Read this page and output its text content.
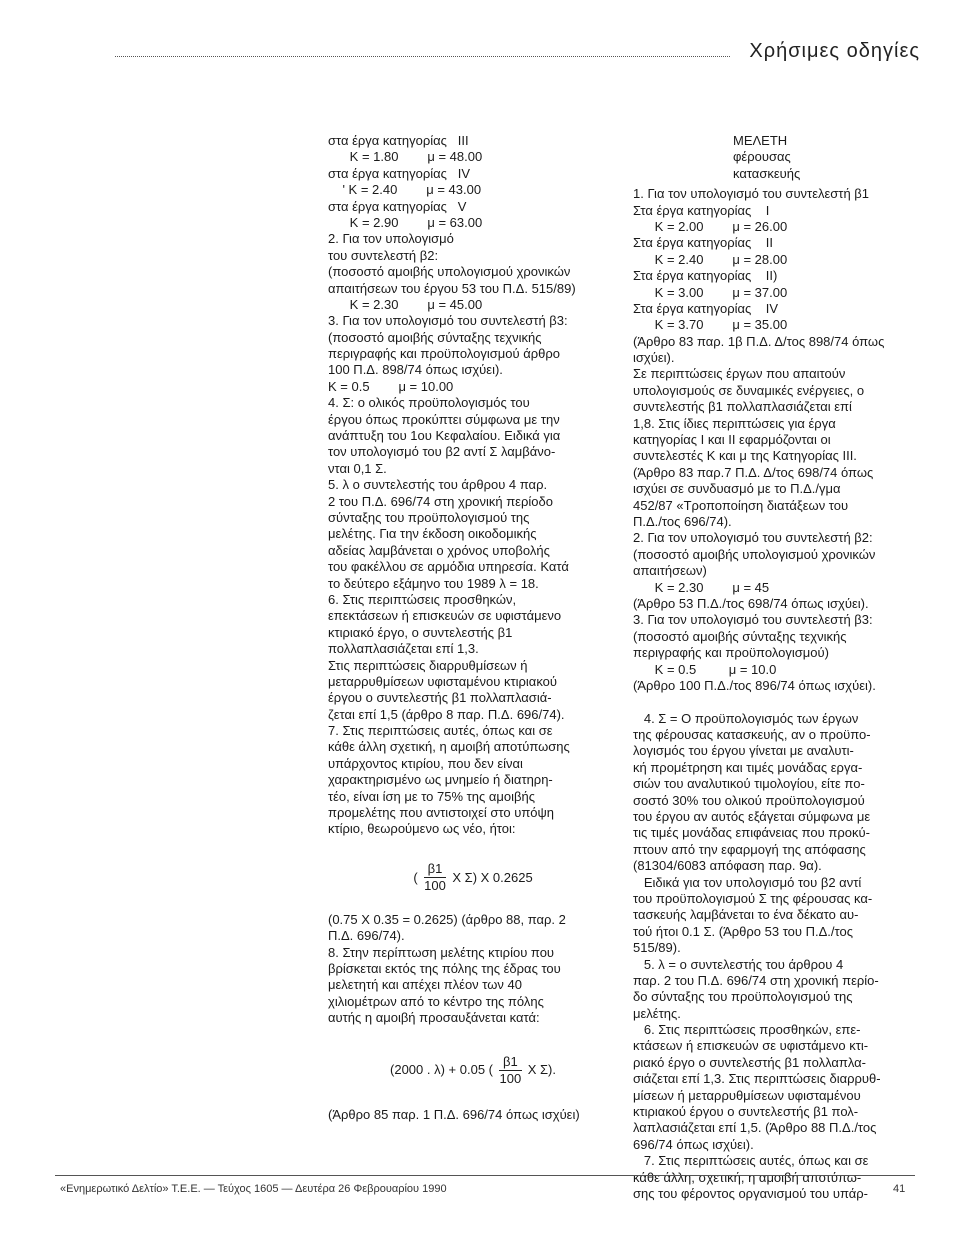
Χρήσιμες οδηγίες
στα έργα κατηγορίας   ΙΙΙ
Κ = 1.80        μ = 48.00
στα έργα κατηγορίας   IV
' Κ = 2.40        μ = 43.00
στα έργα κατηγορίας   V
Κ = 2.90        μ = 63.00
2. Για τον υπολογισμό
του συντελεστή β2:
(ποσοστό αμοιβής υπολογισμού χρονικών
απαιτήσεων του έργου 53 του Π.Δ. 515/89)
Κ = 2.30        μ = 45.00
3. Για τον υπολογισμό του συντελεστή β3:
(ποσοστό αμοιβής σύνταξης τεχνικής
περιγραφής και προϋπολογισμού άρθρο
100 Π.Δ. 898/74 όπως ισχύει).
Κ = 0.5        μ = 10.00
4. Σ: ο ολικός προϋπολογισμός του
έργου όπως προκύπτει σύμφωνα με την
ανάπτυξη του 1ου Κεφαλαίου. Ειδικά για
τον υπολογισμό του β2 αντί Σ λαμβάνο-
νται 0,1 Σ.
5. λ ο συντελεστής του άρθρου 4 παρ.
2 του Π.Δ. 696/74 στη χρονική περίοδο
σύνταξης του προϋπολογισμού της
μελέτης. Για την έκδοση οικοδομικής
αδείας λαμβάνεται ο χρόνος υποβολής
του φακέλλου σε αρμόδια υπηρεσία. Κατά
το δεύτερο εξάμηνο του 1989 λ = 18.
6. Στις περιπτώσεις προσθηκών,
επεκτάσεων ή επισκευών σε υφιστάμενο
κτιριακό έργο, ο συντελεστής β1
πολλαπλασιάζεται επί 1,3.
Στις περιπτώσεις διαρρυθμίσεων ή
μεταρρυθμίσεων υφισταμένου κτιριακού
έργου ο συντελεστής β1 πολλαπλασιά-
ζεται επί 1,5 (άρθρο 8 παρ. Π.Δ. 696/74).
7. Στις περιπτώσεις αυτές, όπως και σε
κάθε άλλη σχετική, η αμοιβή αποτύπωσης
υπάρχοντος κτιρίου, που δεν είναι
χαρακτηρισμένο ως μνημείο ή διατηρη-
τέο, είναι ίση με το 75% της αμοιβής
προμελέτης που αντιστοιχεί στο υπόψη
κτίριο, θεωρούμενο ως νέο, ήτοι:
( $\frac{\beta 1}{100}$ Χ Σ) Χ 0.2625
(0.75 Χ 0.35 = 0.2625) (άρθρο 88, παρ. 2
Π.Δ. 696/74).
8. Στην περίπτωση μελέτης κτιρίου που
βρίσκεται εκτός της πόλης της έδρας του
μελετητή και απέχει πλέον των 40
χιλιομέτρων από το κέντρο της πόλης
αυτής η αμοιβή προσαυξάνεται κατά:
(2000 . λ) + 0.05 ( $\frac{\beta 1}{100}$ Χ Σ).
(Άρθρο 85 παρ. 1 Π.Δ. 696/74 όπως ισχύει)
ΜΕΛΕΤΗ
φέρουσας
κατασκευής
1. Για τον υπολογισμό του συντελεστή β1
Στα έργα κατηγορίας    Ι
Κ = 2.00        μ = 26.00
Στα έργα κατηγορίας    ΙΙ
Κ = 2.40        μ = 28.00
Στα έργα κατηγορίας    ΙΙ)
Κ = 3.00        μ = 37.00
Στα έργα κατηγορίας    ΙV
Κ = 3.70        μ = 35.00
(Άρθρο 83 παρ. 1β Π.Δ. Δ/τος 898/74 όπως
ισχύει).
Σε περιπτώσεις έργων που απαιτούν
υπολογισμούς σε δυναμικές ενέργειες, ο
συντελεστής β1 πολλαπλασιάζεται επί
1,8. Στις ίδιες περιπτώσεις για έργα
κατηγορίας Ι και ΙΙ εφαρμόζονται οι
συντελεστές Κ και μ της Κατηγορίας ΙΙΙ.
(Άρθρο 83 παρ.7 Π.Δ. Δ/τος 698/74 όπως
ισχύει σε συνδυασμό με το Π.Δ./γμα
452/87 «Τροποποίηση διατάξεων του
Π.Δ./τος 696/74).
2. Για τον υπολογισμό του συντελεστή β2:
(ποσοστό αμοιβής υπολογισμού χρονικών
απαιτήσεων)
Κ = 2.30        μ = 45
(Άρθρο 53 Π.Δ./τος 698/74 όπως ισχύει).
3. Για τον υπολογισμό του συντελεστή β3:
(ποσοστό αμοιβής σύνταξης τεχνικής
περιγραφής και προϋπολογισμού)
Κ = 0.5         μ = 10.0
(Άρθρο 100 Π.Δ./τος 896/74 όπως ισχύει).
4. Σ = Ο προϋπολογισμός των έργων
της φέρουσας κατασκευής, αν ο προϋπο-
λογισμός του έργου γίνεται με αναλυτι-
κή προμέτρηση και τιμές μονάδας εργα-
σιών του αναλυτικού τιμολογίου, είτε πο-
σοστό 30% του ολικού προϋπολογισμού
του έργου αν αυτός εξάγεται σύμφωνα με
τις τιμές μονάδας επιφάνειας που προκύ-
πτουν από την εφαρμογή της απόφασης
(81304/6083 απόφαση παρ. 9α).
Ειδικά για τον υπολογισμό του β2 αντί
του προϋπολογισμού Σ της φέρουσας κα-
τασκευής λαμβάνεται το ένα δέκατο αυ-
τού ήτοι 0.1 Σ. (Άρθρο 53 του Π.Δ./τος
515/89).
5. λ = ο συντελεστής του άρθρου 4
παρ. 2 του Π.Δ. 696/74 στη χρονική περίο-
δο σύνταξης του προϋπολογισμού της
μελέτης.
6. Στις περιπτώσεις προσθηκών, επε-
κτάσεων ή επισκευών σε υφιστάμενο κτι-
ριακό έργο ο συντελεστής β1 πολλαπλα-
σιάζεται επί 1,3. Στις περιπτώσεις διαρρυθ-
μίσεων ή μεταρρυθμίσεων υφισταμένου
κτιριακού έργου ο συντελεστής β1 πολ-
λαπλασιάζεται επί 1,5. (Άρθρο 88 Π.Δ./τος
696/74 όπως ισχύει).
7. Στις περιπτώσεις αυτές, όπως και σε
κάθε άλλη, σχετική, η αμοιβή αποτύπω-
σης του φέροντος οργανισμού του υπάρ-
«Ενημερωτικό Δελτίο» Τ.Ε.Ε. — Τεύχος 1605 — Δευτέρα 26 Φεβρουαρίου 1990	41
